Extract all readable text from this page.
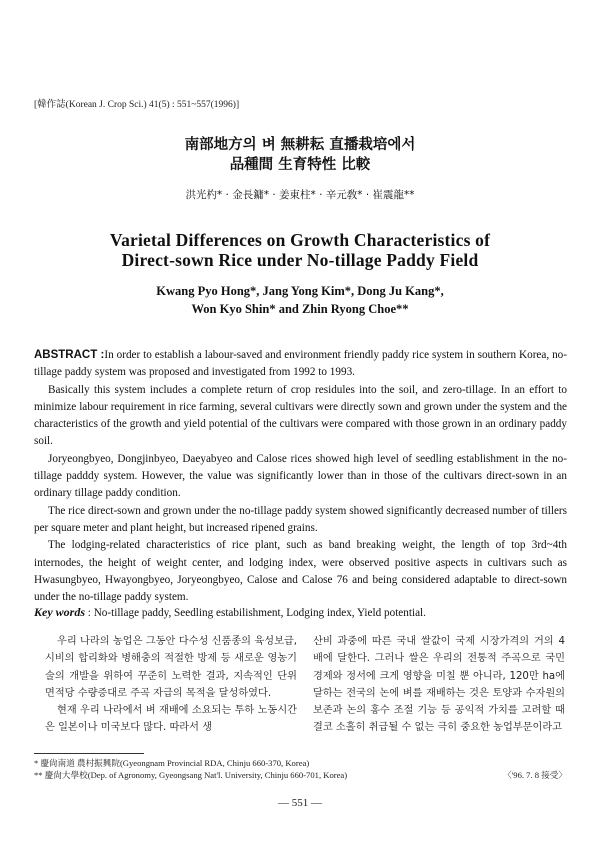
[韓作誌(Korean J. Crop Sci.) 41(5) : 551~557(1996)]
南部地方의 벼 無耕耘 直播栽培에서
品種間 生育特性 比較
洪光杓* · 金長鏞* · 姜東柱* · 辛元敎* · 崔震龍**
Varietal Differences on Growth Characteristics of
Direct-sown Rice under No-tillage Paddy Field
Kwang Pyo Hong*, Jang Yong Kim*, Dong Ju Kang*,
Won Kyo Shin* and Zhin Ryong Choe**

ABSTRACT :In order to establish a labour-saved and environment friendly paddy rice system in southern Korea, no-tillage paddy system was proposed and investigated from 1992 to 1993.

Basically this system includes a complete return of crop residules into the soil, and zero-tillage. In an effort to minimize labour requirement in rice farming, several cultivars were directly sown and grown under the system and the characteristics of the growth and yield potential of the cultivars were compared with those grown in an ordinary paddy soil.

Joryeongbyeo, Dongjinbyeo, Daeyabyeo and Calose rices showed high level of seedling establishment in the no-tillage padddy system. However, the value was significantly lower than in those of the cultivars direct-sown in an ordinary tillage paddy condition.

The rice direct-sown and grown under the no-tillage paddy system showed significantly decreased number of tillers per square meter and plant height, but increased ripened grains.

The lodging-related characteristics of rice plant, such as band breaking weight, the length of top 3rd~4th internodes, the height of weight center, and lodging index, were observed positive aspects in cultivars such as Hwasungbyeo, Hwayongbyeo, Joryeongbyeo, Calose and Calose 76 and being considered adaptable to direct-sown under the no-tillage paddy system.

Key words : No-tillage paddy, Seedling estabilishment, Lodging index, Yield potential.

우리 나라의 농업은 그동안 다수성 신품종의 육성보급, 시비의 합리화와 병해충의 적절한 방제 등 새로운 영농기술의 개발을 위하여 꾸준히 노력한 결과, 지속적인 단위 면적당 수량증대로 주곡 자급의 목적을 달성하였다.

현재 우리 나라에서 벼 재배에 소요되는 투하 노동시간은 일본이나 미국보다 많다. 따라서 생

산비 과중에 따른 국내 쌀값이 국제 시장가격의 거의 4 배에 달한다. 그러나 쌀은 우리의 전통적 주곡으로 국민 경제와 정서에 크게 영향을 미칠 뿐 아니라, 120만 ha에 달하는 전국의 논에 벼를 재배하는 것은 토양과 수자원의 보존과 논의 홍수 조절 기능 등 공익적 가치를 고려할 때 결코 소홀히 취급될 수 없는 극히 중요한 농업부문이라고

* 慶尙南道 農村振興院(Gyeongnam Provincial RDA, Chinju 660-370, Korea)
** 慶尙大學校(Dep. of Agronomy, Gyeongsang Nat'l. University, Chinju 660-701, Korea)	〈'96. 7. 8 接受〉
— 551 —
